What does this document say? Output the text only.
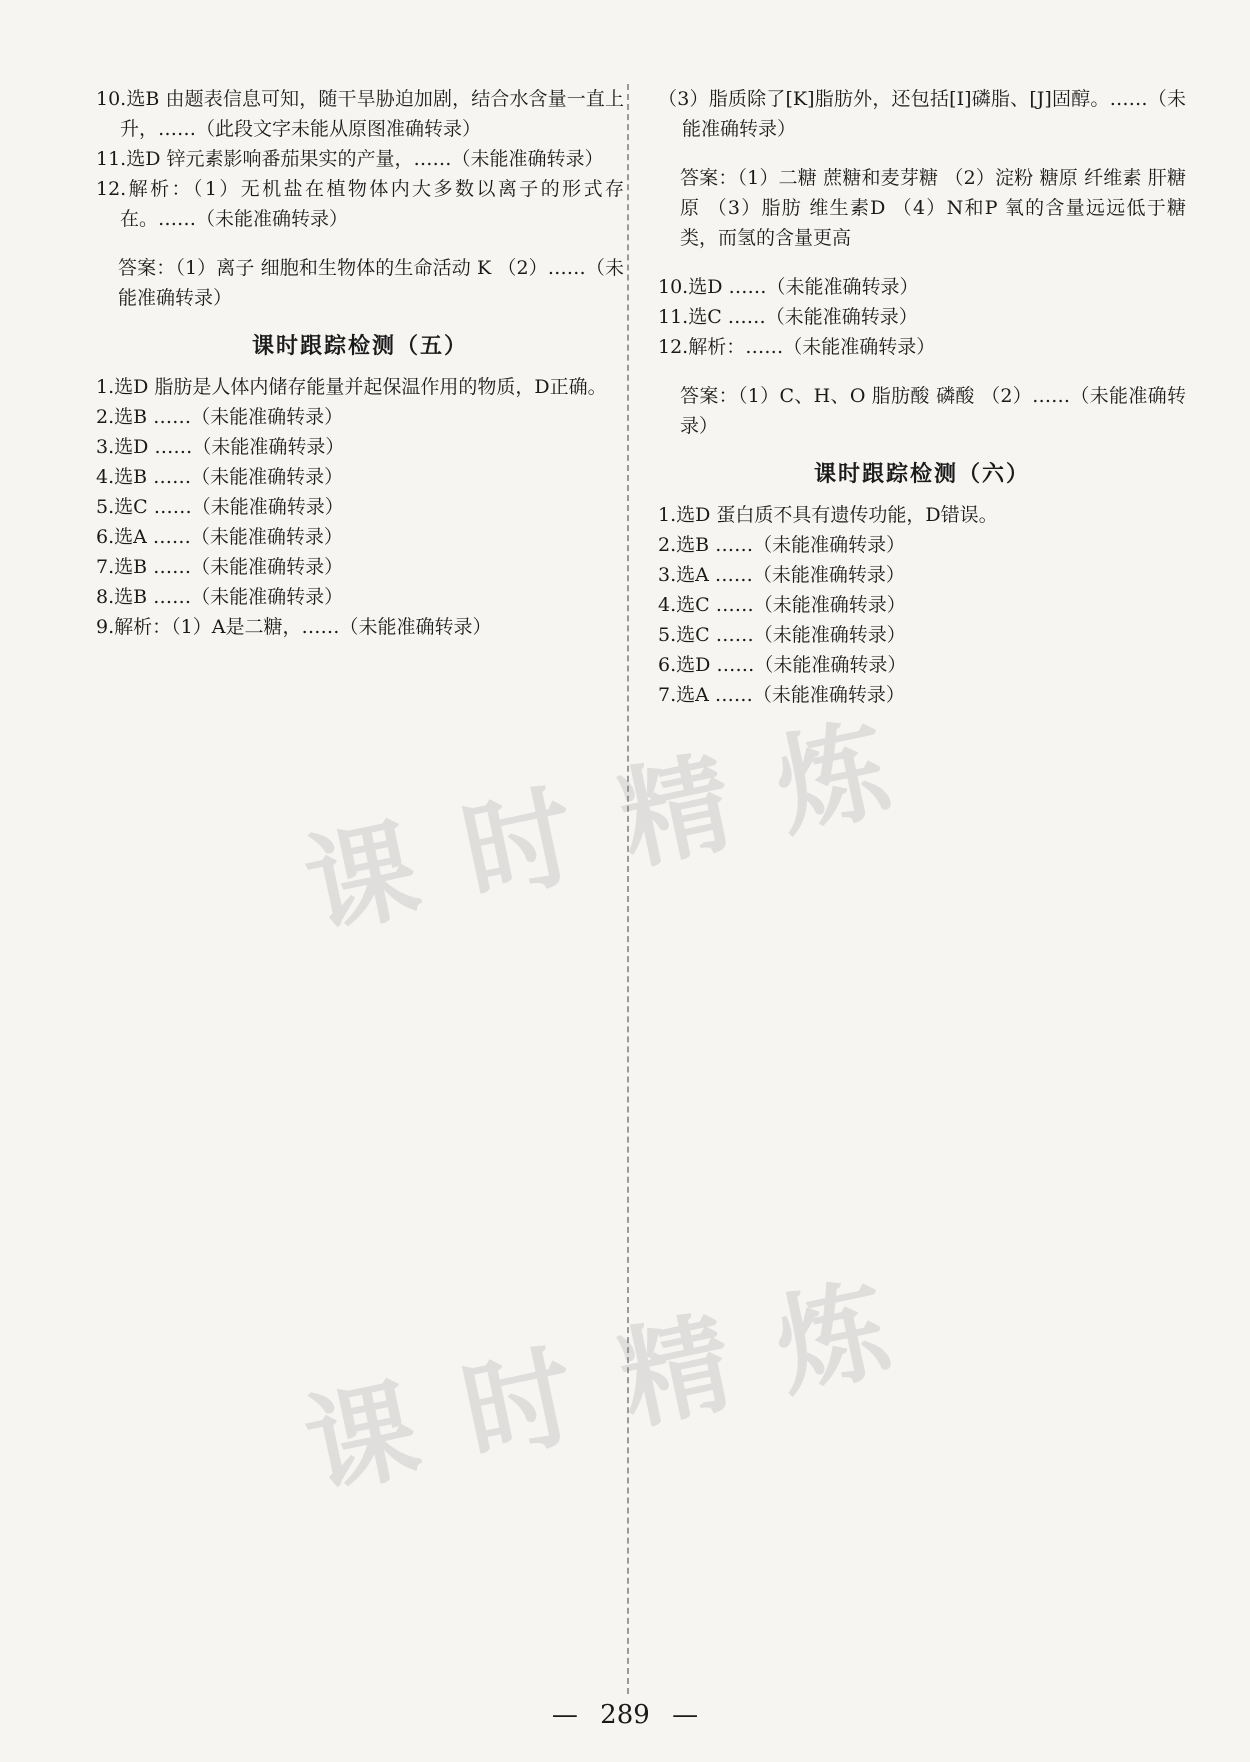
10.选B 由题表信息可知，随干旱胁迫加剧，结合水含量一直上升，……（此段文字未能从原图准确转录）

11.选D 锌元素影响番茄果实的产量，……（未能准确转录）

12.解析：（1）无机盐在植物体内大多数以离子的形式存在。……（未能准确转录）

答案：（1）离子 细胞和生物体的生命活动 K （2）……（未能准确转录）

课时跟踪检测（五）

1.选D 脂肪是人体内储存能量并起保温作用的物质，D正确。

2.选B ……（未能准确转录）

3.选D ……（未能准确转录）

4.选B ……（未能准确转录）

5.选C ……（未能准确转录）

6.选A ……（未能准确转录）

7.选B ……（未能准确转录）

8.选B ……（未能准确转录）

9.解析：（1）A是二糖，……（未能准确转录）

（3）脂质除了[K]脂肪外，还包括[I]磷脂、[J]固醇。……（未能准确转录）

答案：（1）二糖 蔗糖和麦芽糖 （2）淀粉 糖原 纤维素 肝糖原 （3）脂肪 维生素D （4）N和P 氧的含量远远低于糖类，而氢的含量更高

10.选D ……（未能准确转录）

11.选C ……（未能准确转录）

12.解析：……（未能准确转录）

答案：（1）C、H、O 脂肪酸 磷酸 （2）……（未能准确转录）

课时跟踪检测（六）

1.选D 蛋白质不具有遗传功能，D错误。

2.选B ……（未能准确转录）

3.选A ……（未能准确转录）

4.选C ……（未能准确转录）

5.选C ……（未能准确转录）

6.选D ……（未能准确转录）

7.选A ……（未能准确转录）

课 时 精 炼
课 时 精 炼
— 289 —
